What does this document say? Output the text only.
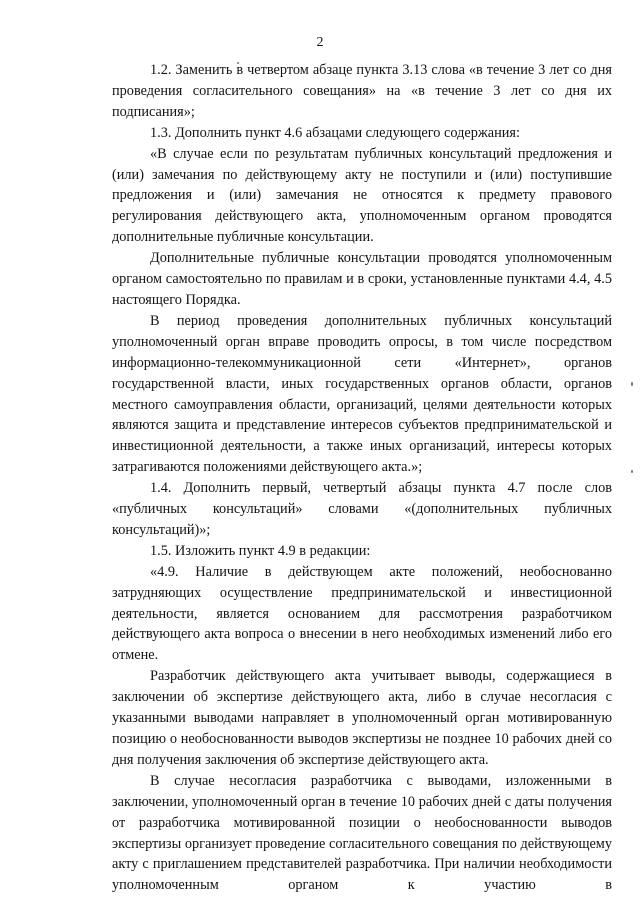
2

1.2. Заменить в четвертом абзаце пункта 3.13 слова «в течение 3 лет со дня проведения согласительного совещания» на «в течение 3 лет со дня их подписания»;

1.3. Дополнить пункт 4.6 абзацами следующего содержания:

«В случае если по результатам публичных консультаций предложения и (или) замечания по действующему акту не поступили и (или) поступившие предложения и (или) замечания не относятся к предмету правового регулирования действующего акта, уполномоченным органом проводятся дополнительные публичные консультации.

Дополнительные публичные консультации проводятся уполномоченным органом самостоятельно по правилам и в сроки, установленные пунктами 4.4, 4.5 настоящего Порядка.

В период проведения дополнительных публичных консультаций уполномоченный орган вправе проводить опросы, в том числе посредством информационно-телекоммуникационной сети «Интернет», органов государственной власти, иных государственных органов области, органов местного самоуправления области, организаций, целями деятельности которых являются защита и представление интересов субъектов предпринимательской и инвестиционной деятельности, а также иных организаций, интересы которых затрагиваются положениями действующего акта.»;

1.4. Дополнить первый, четвертый абзацы пункта 4.7 после слов «публичных консультаций» словами «(дополнительных публичных консультаций)»;

1.5. Изложить пункт 4.9 в редакции:

«4.9. Наличие в действующем акте положений, необоснованно затрудняющих осуществление предпринимательской и инвестиционной деятельности, является основанием для рассмотрения разработчиком действующего акта вопроса о внесении в него необходимых изменений либо его отмене.

Разработчик действующего акта учитывает выводы, содержащиеся в заключении об экспертизе действующего акта, либо в случае несогласия с указанными выводами направляет в уполномоченный орган мотивированную позицию о необоснованности выводов экспертизы не позднее 10 рабочих дней со дня получения заключения об экспертизе действующего акта.

В случае несогласия разработчика с выводами, изложенными в заключении, уполномоченный орган в течение 10 рабочих дней с даты получения от разработчика мотивированной позиции о необоснованности выводов экспертизы организует проведение согласительного совещания по действующему акту с приглашением представителей разработчика. При наличии необходимости уполномоченным органом к участию в
